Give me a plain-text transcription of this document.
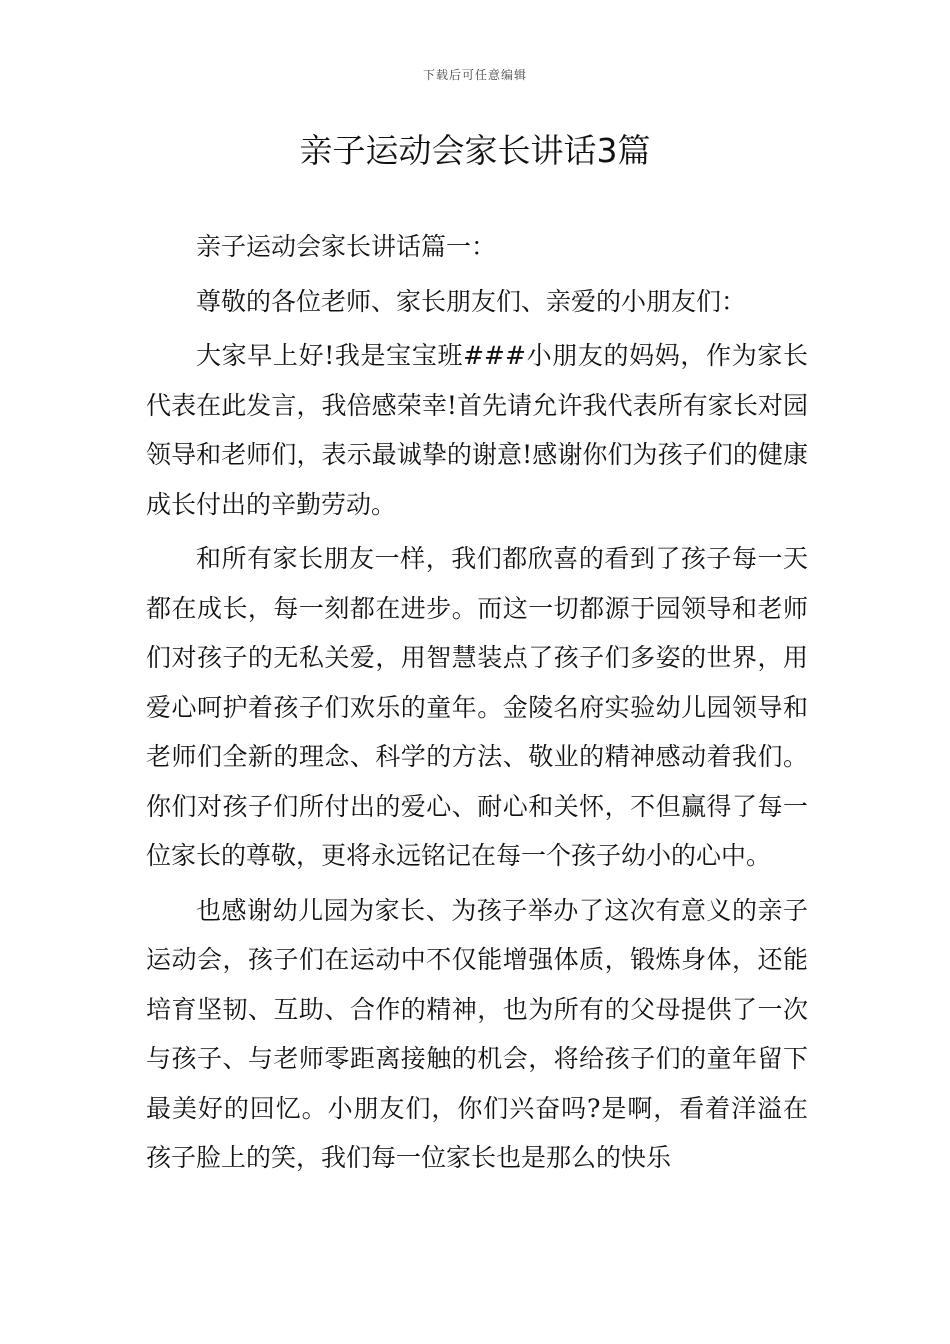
下载后可任意编辑
亲子运动会家长讲话3篇

亲子运动会家长讲话篇一：

尊敬的各位老师、家长朋友们、亲爱的小朋友们：

大家早上好!我是宝宝班###小朋友的妈妈，作为家长代表在此发言，我倍感荣幸!首先请允许我代表所有家长对园领导和老师们，表示最诚挚的谢意!感谢你们为孩子们的健康成长付出的辛勤劳动。

和所有家长朋友一样，我们都欣喜的看到了孩子每一天都在成长，每一刻都在进步。而这一切都源于园领导和老师们对孩子的无私关爱，用智慧装点了孩子们多姿的世界，用爱心呵护着孩子们欢乐的童年。金陵名府实验幼儿园领导和老师们全新的理念、科学的方法、敬业的精神感动着我们。你们对孩子们所付出的爱心、耐心和关怀，不但赢得了每一位家长的尊敬，更将永远铭记在每一个孩子幼小的心中。

也感谢幼儿园为家长、为孩子举办了这次有意义的亲子运动会，孩子们在运动中不仅能增强体质，锻炼身体，还能培育坚韧、互助、合作的精神，也为所有的父母提供了一次与孩子、与老师零距离接触的机会，将给孩子们的童年留下最美好的回忆。小朋友们，你们兴奋吗?是啊，看着洋溢在孩子脸上的笑，我们每一位家长也是那么的快乐
